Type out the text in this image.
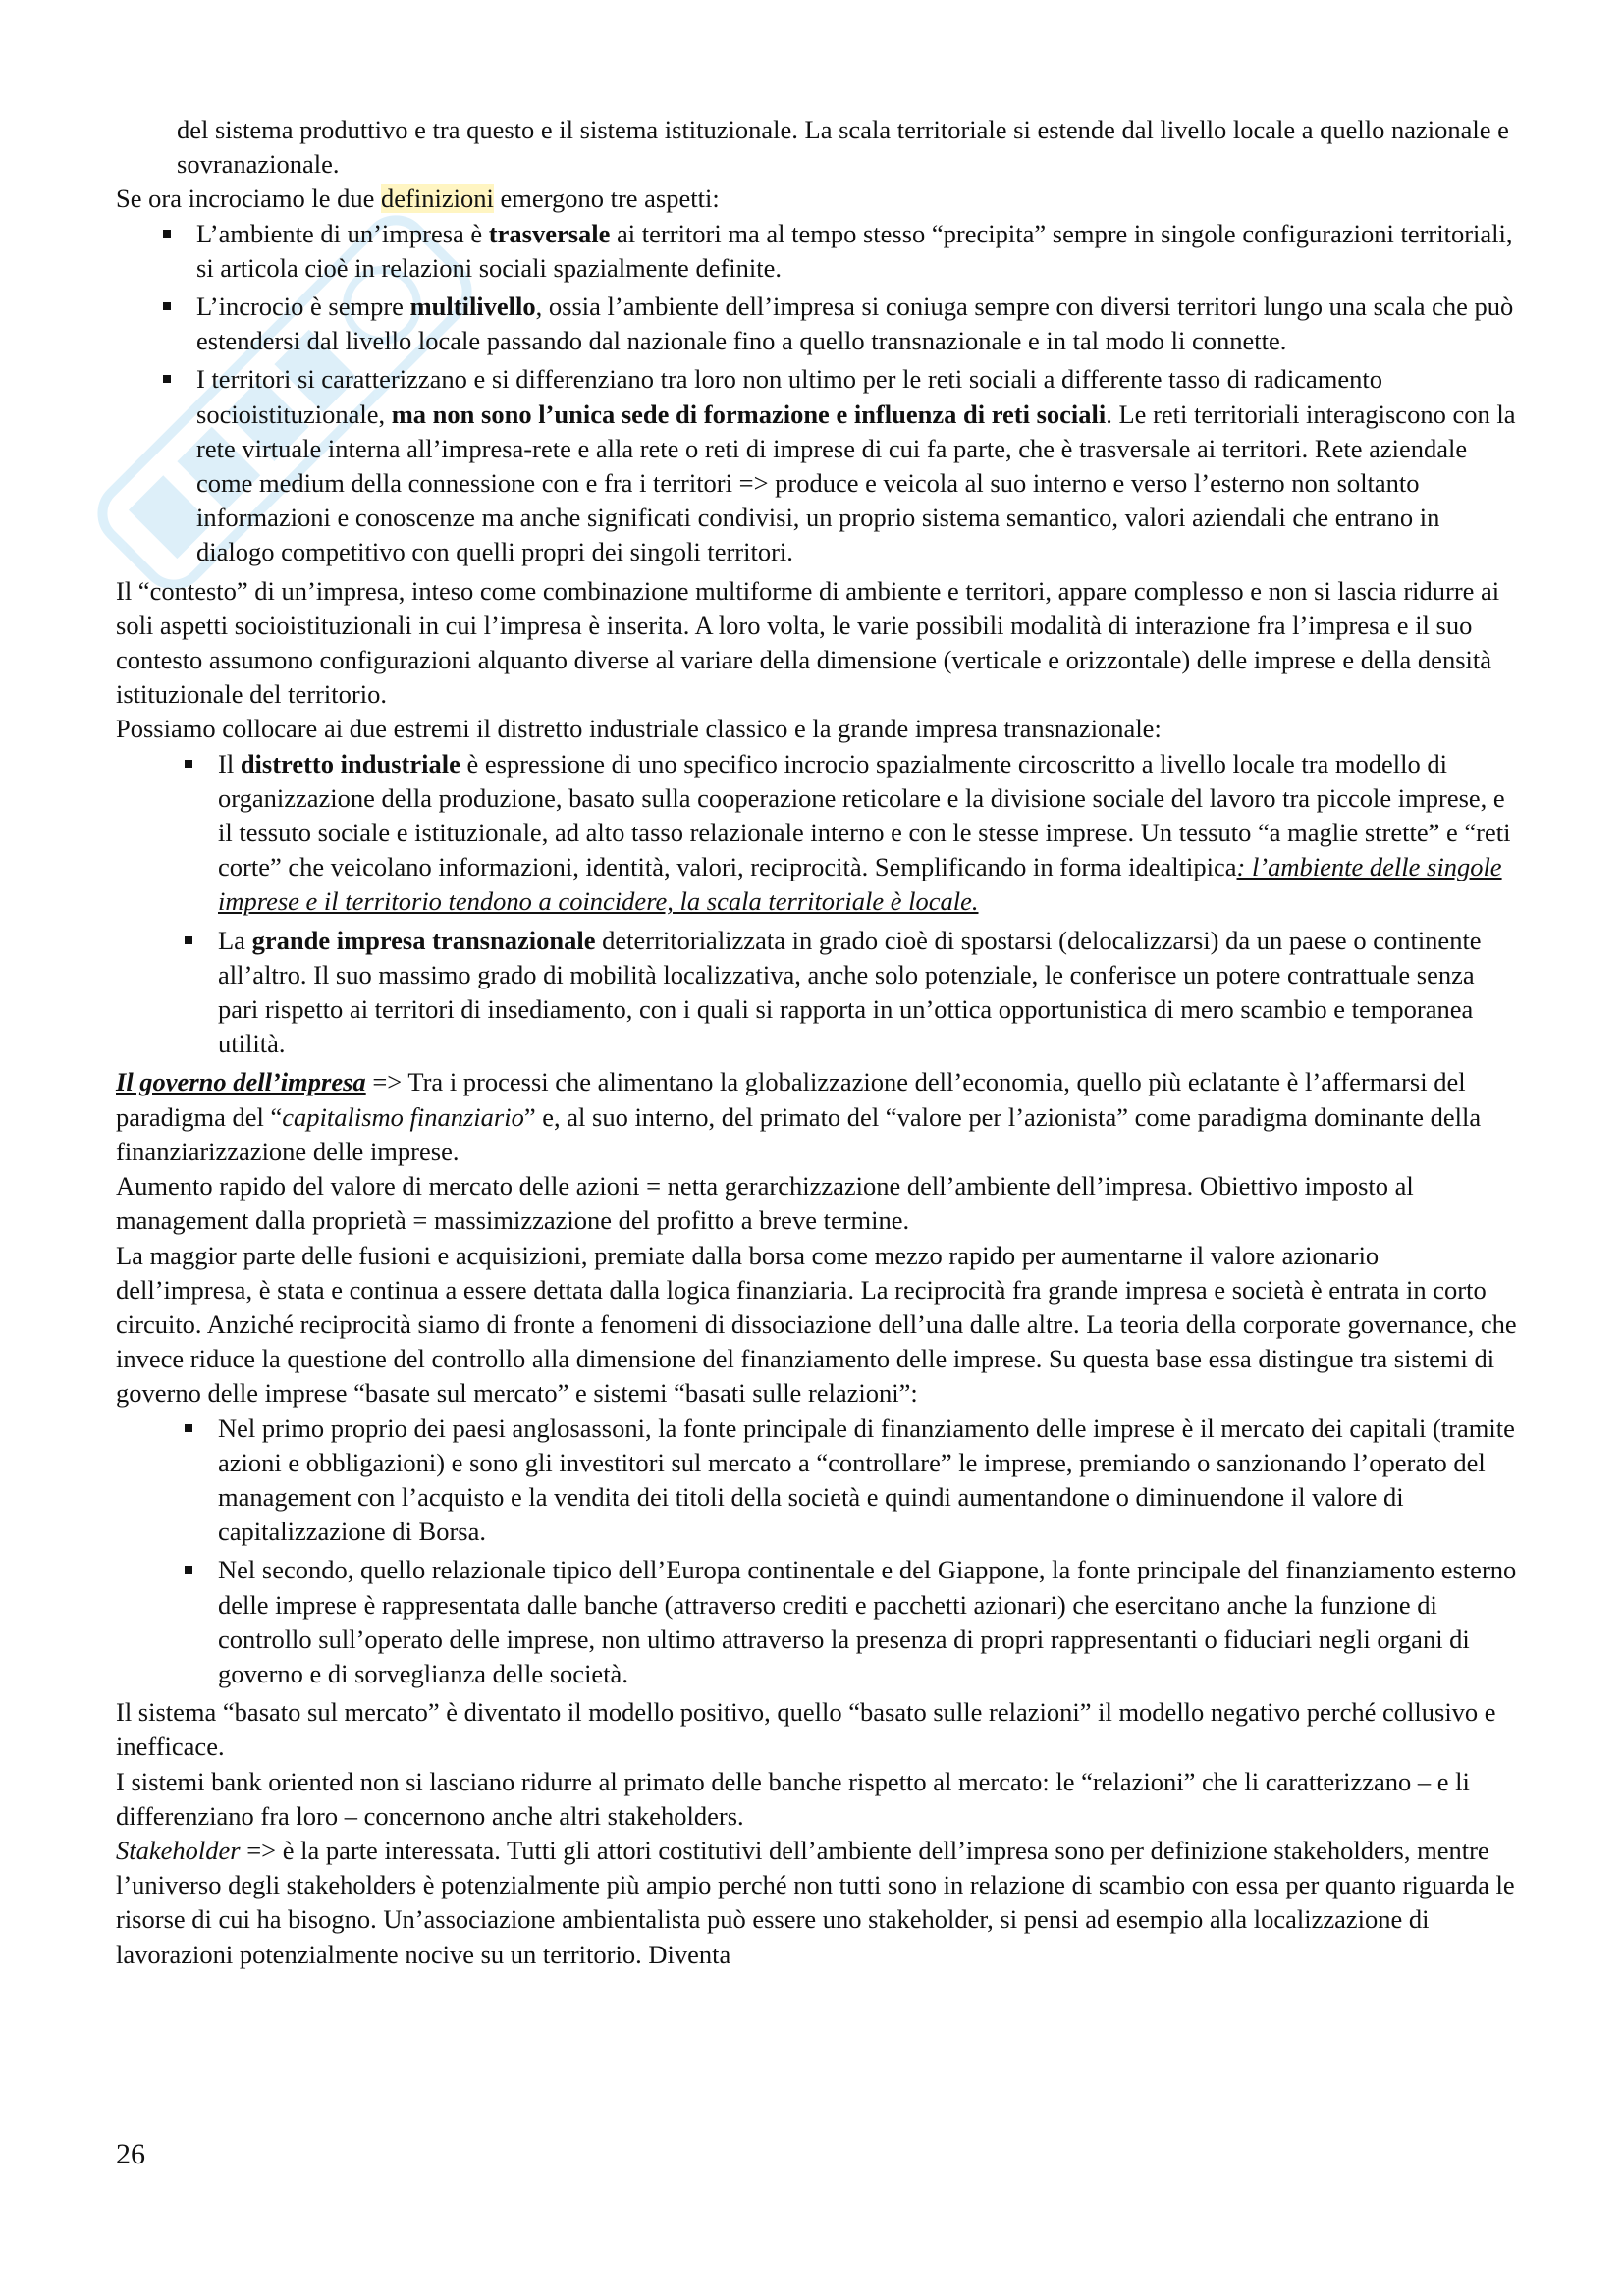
del sistema produttivo e tra questo e il sistema istituzionale. La scala territoriale si estende dal livello locale a quello nazionale e sovranazionale.

Se ora incrociamo le due definizioni emergono tre aspetti:

L’ambiente di un’impresa è trasversale ai territori ma al tempo stesso “precipita” sempre in singole configurazioni territoriali, si articola cioè in relazioni sociali spazialmente definite.
L’incrocio è sempre multilivello, ossia l’ambiente dell’impresa si coniuga sempre con diversi territori lungo una scala che può estendersi dal livello locale passando dal nazionale fino a quello transnazionale e in tal modo li connette.
I territori si caratterizzano e si differenziano tra loro non ultimo per le reti sociali a differente tasso di radicamento socioistituzionale, ma non sono l’unica sede di formazione e influenza di reti sociali. Le reti territoriali interagiscono con la rete virtuale interna all’impresa-rete e alla rete o reti di imprese di cui fa parte, che è trasversale ai territori. Rete aziendale come medium della connessione con e fra i territori => produce e veicola al suo interno e verso l’esterno non soltanto informazioni e conoscenze ma anche significati condivisi, un proprio sistema semantico, valori aziendali che entrano in dialogo competitivo con quelli propri dei singoli territori.

Il “contesto” di un’impresa, inteso come combinazione multiforme di ambiente e territori, appare complesso e non si lascia ridurre ai soli aspetti socioistituzionali in cui l’impresa è inserita. A loro volta, le varie possibili modalità di interazione fra l’impresa e il suo contesto assumono configurazioni alquanto diverse al variare della dimensione (verticale e orizzontale) delle imprese e della densità istituzionale del territorio.

Possiamo collocare ai due estremi il distretto industriale classico e la grande impresa transnazionale:

Il distretto industriale è espressione di uno specifico incrocio spazialmente circoscritto a livello locale tra modello di organizzazione della produzione, basato sulla cooperazione reticolare e la divisione sociale del lavoro tra piccole imprese, e il tessuto sociale e istituzionale, ad alto tasso relazionale interno e con le stesse imprese. Un tessuto “a maglie strette” e “reti corte” che veicolano informazioni, identità, valori, reciprocità. Semplificando in forma idealtipica: l’ambiente delle singole imprese e il territorio tendono a coincidere, la scala territoriale è locale.
La grande impresa transnazionale deterritorializzata in grado cioè di spostarsi (delocalizzarsi) da un paese o continente all’altro. Il suo massimo grado di mobilità localizzativa, anche solo potenziale, le conferisce un potere contrattuale senza pari rispetto ai territori di insediamento, con i quali si rapporta in un’ottica opportunistica di mero scambio e temporanea utilità.

Il governo dell’impresa => Tra i processi che alimentano la globalizzazione dell’economia, quello più eclatante è l’affermarsi del paradigma del “capitalismo finanziario” e, al suo interno, del primato del “valore per l’azionista” come paradigma dominante della finanziarizzazione delle imprese.

Aumento rapido del valore di mercato delle azioni = netta gerarchizzazione dell’ambiente dell’impresa. Obiettivo imposto al management dalla proprietà = massimizzazione del profitto a breve termine.

La maggior parte delle fusioni e acquisizioni, premiate dalla borsa come mezzo rapido per aumentarne il valore azionario dell’impresa, è stata e continua a essere dettata dalla logica finanziaria. La reciprocità fra grande impresa e società è entrata in corto circuito. Anziché reciprocità siamo di fronte a fenomeni di dissociazione dell’una dalle altre. La teoria della corporate governance, che invece riduce la questione del controllo alla dimensione del finanziamento delle imprese. Su questa base essa distingue tra sistemi di governo delle imprese “basate sul mercato” e sistemi “basati sulle relazioni”:

Nel primo proprio dei paesi anglosassoni, la fonte principale di finanziamento delle imprese è il mercato dei capitali (tramite azioni e obbligazioni) e sono gli investitori sul mercato a “controllare” le imprese, premiando o sanzionando l’operato del management con l’acquisto e la vendita dei titoli della società e quindi aumentandone o diminuendone il valore di capitalizzazione di Borsa.
Nel secondo, quello relazionale tipico dell’Europa continentale e del Giappone, la fonte principale del finanziamento esterno delle imprese è rappresentata dalle banche (attraverso crediti e pacchetti azionari) che esercitano anche la funzione di controllo sull’operato delle imprese, non ultimo attraverso la presenza di propri rappresentanti o fiduciari negli organi di governo e di sorveglianza delle società.

Il sistema “basato sul mercato” è diventato il modello positivo, quello “basato sulle relazioni” il modello negativo perché collusivo e inefficace.

I sistemi bank oriented non si lasciano ridurre al primato delle banche rispetto al mercato: le “relazioni” che li caratterizzano – e li differenziano fra loro – concernono anche altri stakeholders.

Stakeholder => è la parte interessata. Tutti gli attori costitutivi dell’ambiente dell’impresa sono per definizione stakeholders, mentre l’universo degli stakeholders è potenzialmente più ampio perché non tutti sono in relazione di scambio con essa per quanto riguarda le risorse di cui ha bisogno. Un’associazione ambientalista può essere uno stakeholder, si pensi ad esempio alla localizzazione di lavorazioni potenzialmente nocive su un territorio. Diventa

26
